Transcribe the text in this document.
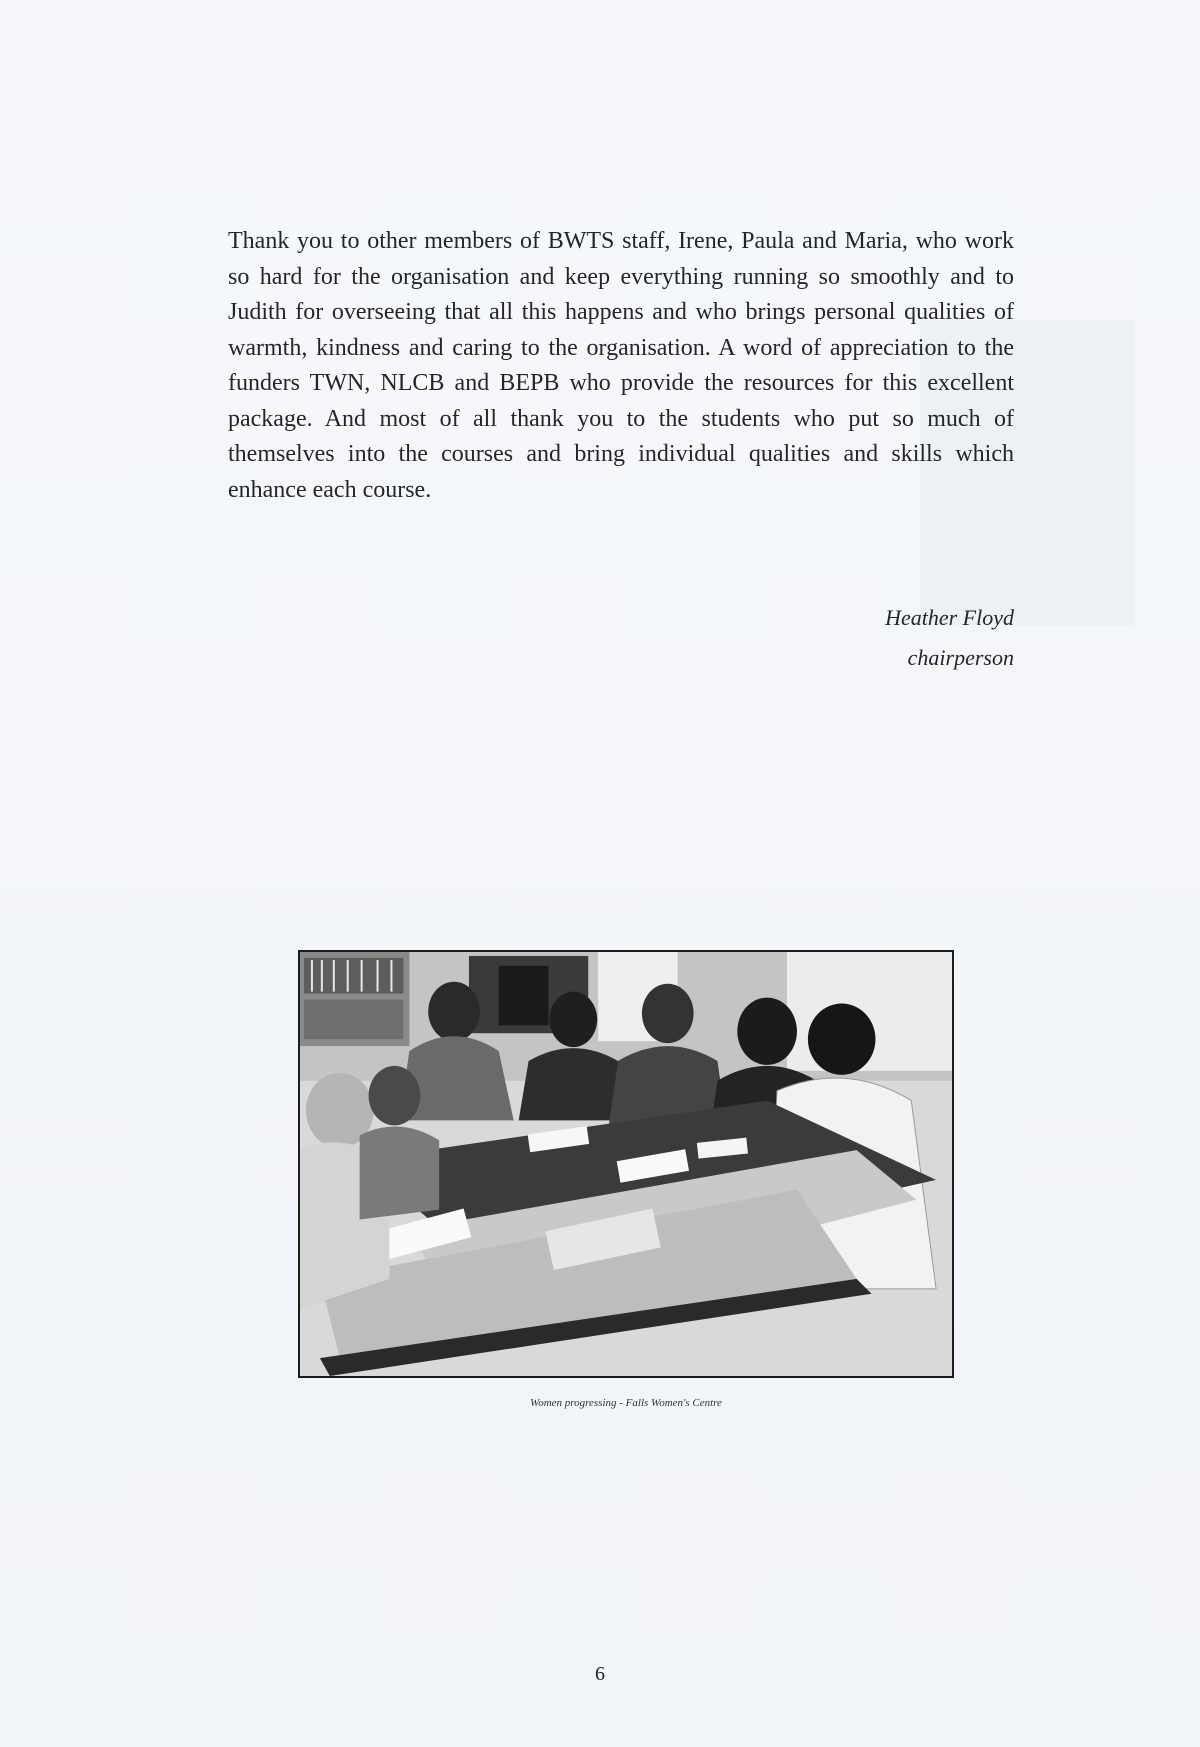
Thank you to other members of BWTS staff, Irene, Paula and Maria, who work so hard for the organisation and keep everything running so smoothly and to Judith for overseeing that all this happens and who brings personal qualities of warmth, kindness and caring to the organisation. A word of appreciation to the funders TWN, NLCB and BEPB who provide the resources for this excellent package. And most of all thank you to the students who put so much of themselves into the courses and bring individual qualities and skills which enhance each course.

Heather Floyd
chairperson
Women progressing - Falls Women's Centre
6
